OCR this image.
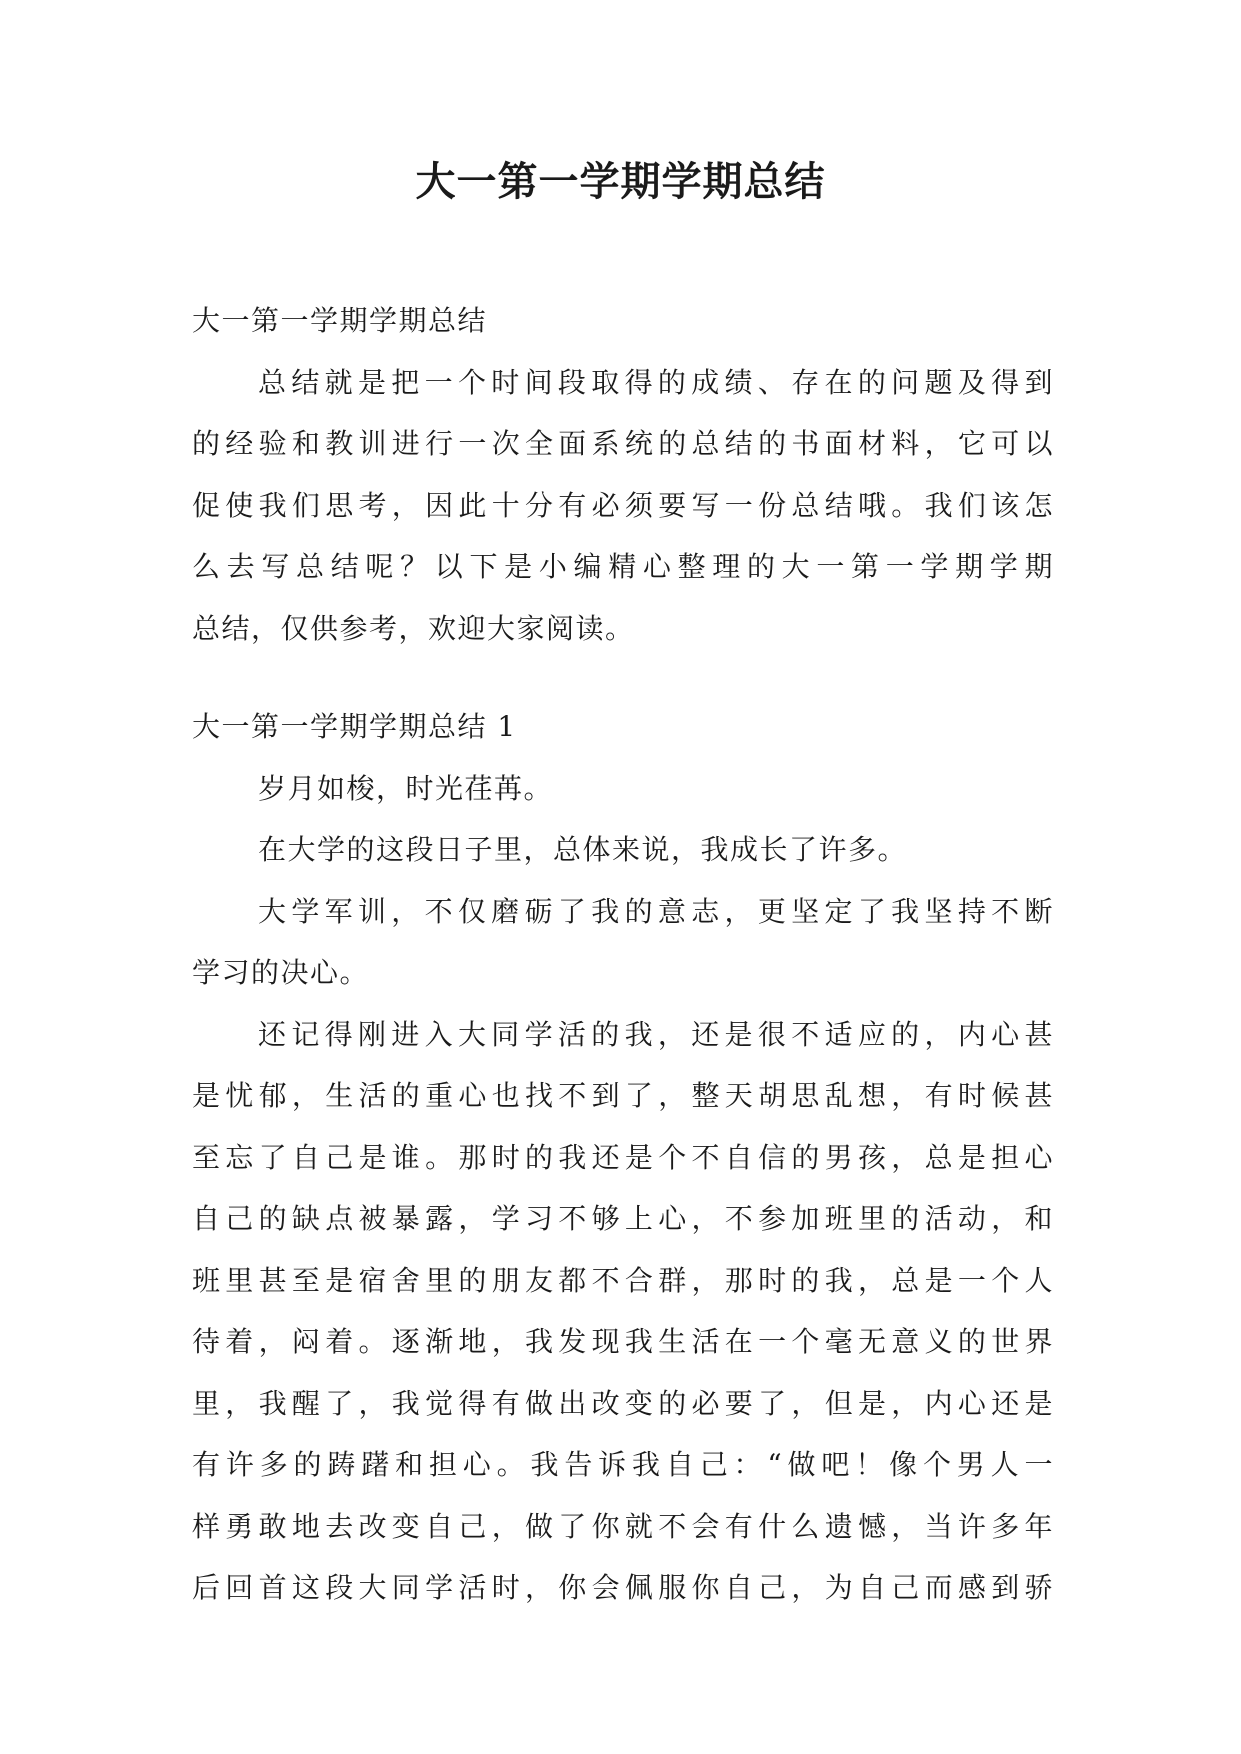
大一第一学期学期总结
大一第一学期学期总结
总结就是把一个时间段取得的成绩、存在的问题及得到
的经验和教训进行一次全面系统的总结的书面材料，它可以
促使我们思考，因此十分有必须要写一份总结哦。我们该怎
么去写总结呢？以下是小编精心整理的大一第一学期学期
总结，仅供参考，欢迎大家阅读。
大一第一学期学期总结 1
岁月如梭，时光荏苒。
在大学的这段日子里，总体来说，我成长了许多。
大学军训，不仅磨砺了我的意志，更坚定了我坚持不断
学习的决心。
还记得刚进入大同学活的我，还是很不适应的，内心甚
是忧郁，生活的重心也找不到了，整天胡思乱想，有时候甚
至忘了自己是谁。那时的我还是个不自信的男孩，总是担心
自己的缺点被暴露，学习不够上心，不参加班里的活动，和
班里甚至是宿舍里的朋友都不合群，那时的我，总是一个人
待着，闷着。逐渐地，我发现我生活在一个毫无意义的世界
里，我醒了，我觉得有做出改变的必要了，但是，内心还是
有许多的踌躇和担心。我告诉我自己：“做吧！像个男人一
样勇敢地去改变自己，做了你就不会有什么遗憾，当许多年
后回首这段大同学活时，你会佩服你自己，为自己而感到骄
